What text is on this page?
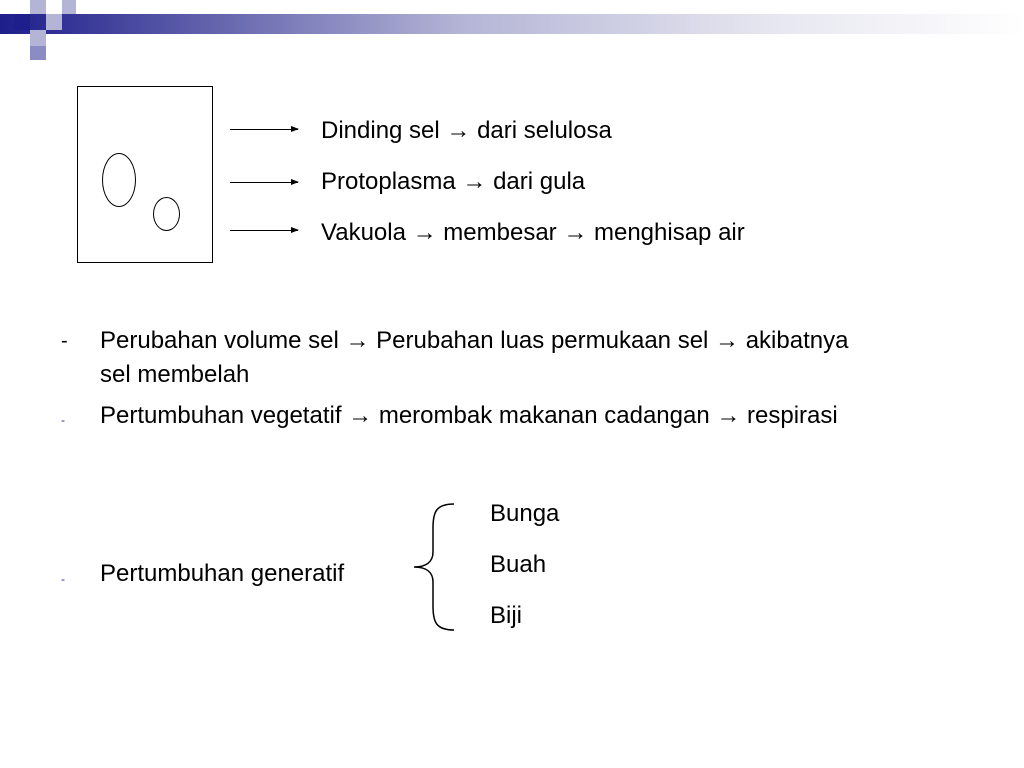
Dinding sel → dari selulosa
Protoplasma → dari gula
Vakuola → membesar → menghisap air
- Perubahan volume sel → Perubahan luas permukaan sel → akibatnya sel membelah
- Pertumbuhan vegetatif → merombak makanan cadangan → respirasi
- Pertumbuhan generatif
Bunga
Buah
Biji
